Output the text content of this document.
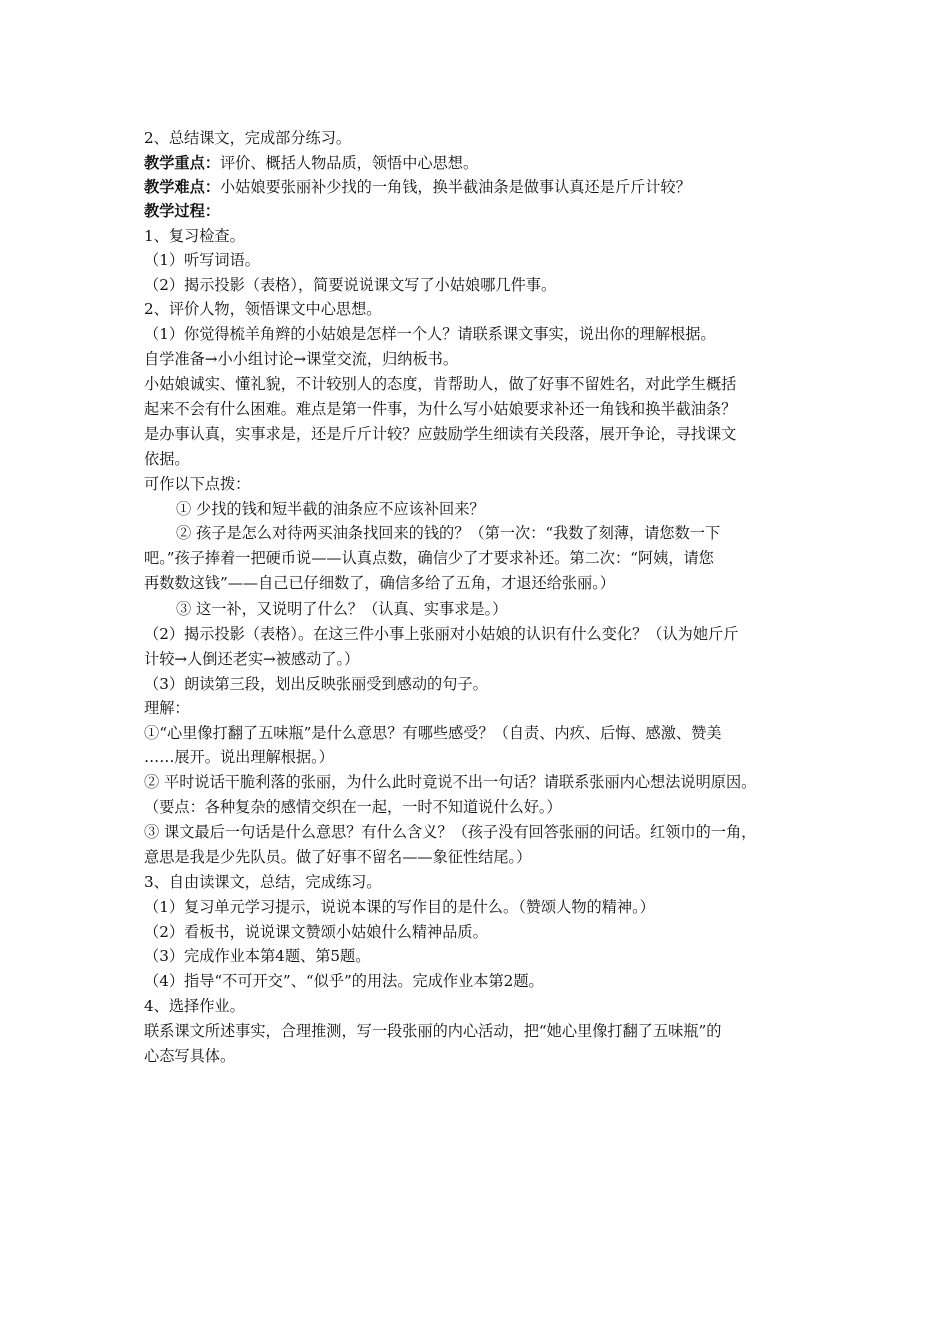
2、总结课文，完成部分练习。
教学重点：评价、概括人物品质，领悟中心思想。
教学难点：小姑娘要张丽补少找的一角钱，换半截油条是做事认真还是斤斤计较？
教学过程：
1、复习检查。
（1）听写词语。
（2）揭示投影（表格），简要说说课文写了小姑娘哪几件事。
2、评价人物，领悟课文中心思想。
（1）你觉得梳羊角辫的小姑娘是怎样一个人？请联系课文事实，说出你的理解根据。
自学准备→小小组讨论→课堂交流，归纳板书。
小姑娘诚实、懂礼貌，不计较别人的态度，肯帮助人，做了好事不留姓名，对此学生概括
起来不会有什么困难。难点是第一件事，为什么写小姑娘要求补还一角钱和换半截油条？
是办事认真，实事求是，还是斤斤计较？应鼓励学生细读有关段落，展开争论，寻找课文
依据。
可作以下点拨：
① 少找的钱和短半截的油条应不应该补回来？
② 孩子是怎么对待两买油条找回来的钱的？（第一次：“我数了刻薄，请您数一下
吧。”孩子捧着一把硬币说——认真点数，确信少了才要求补还。第二次：“阿姨，请您
再数数这钱”——自己已仔细数了，确信多给了五角，才退还给张丽。）
③ 这一补，又说明了什么？（认真、实事求是。）
（2）揭示投影（表格）。在这三件小事上张丽对小姑娘的认识有什么变化？（认为她斤斤
计较→人倒还老实→被感动了。）
（3）朗读第三段，划出反映张丽受到感动的句子。
理解：
①“心里像打翻了五味瓶”是什么意思？有哪些感受？（自责、内疚、后悔、感激、赞美
……展开。说出理解根据。）
② 平时说话干脆利落的张丽，为什么此时竟说不出一句话？请联系张丽内心想法说明原因。
（要点：各种复杂的感情交织在一起，一时不知道说什么好。）
③ 课文最后一句话是什么意思？有什么含义？（孩子没有回答张丽的问话。红领巾的一角，
意思是我是少先队员。做了好事不留名——象征性结尾。）
3、自由读课文，总结，完成练习。
（1）复习单元学习提示，说说本课的写作目的是什么。（赞颂人物的精神。）
（2）看板书，说说课文赞颂小姑娘什么精神品质。
（3）完成作业本第4题、第5题。
（4）指导“不可开交”、“似乎”的用法。完成作业本第2题。
4、选择作业。
联系课文所述事实，合理推测，写一段张丽的内心活动，把“她心里像打翻了五味瓶”的
心态写具体。
